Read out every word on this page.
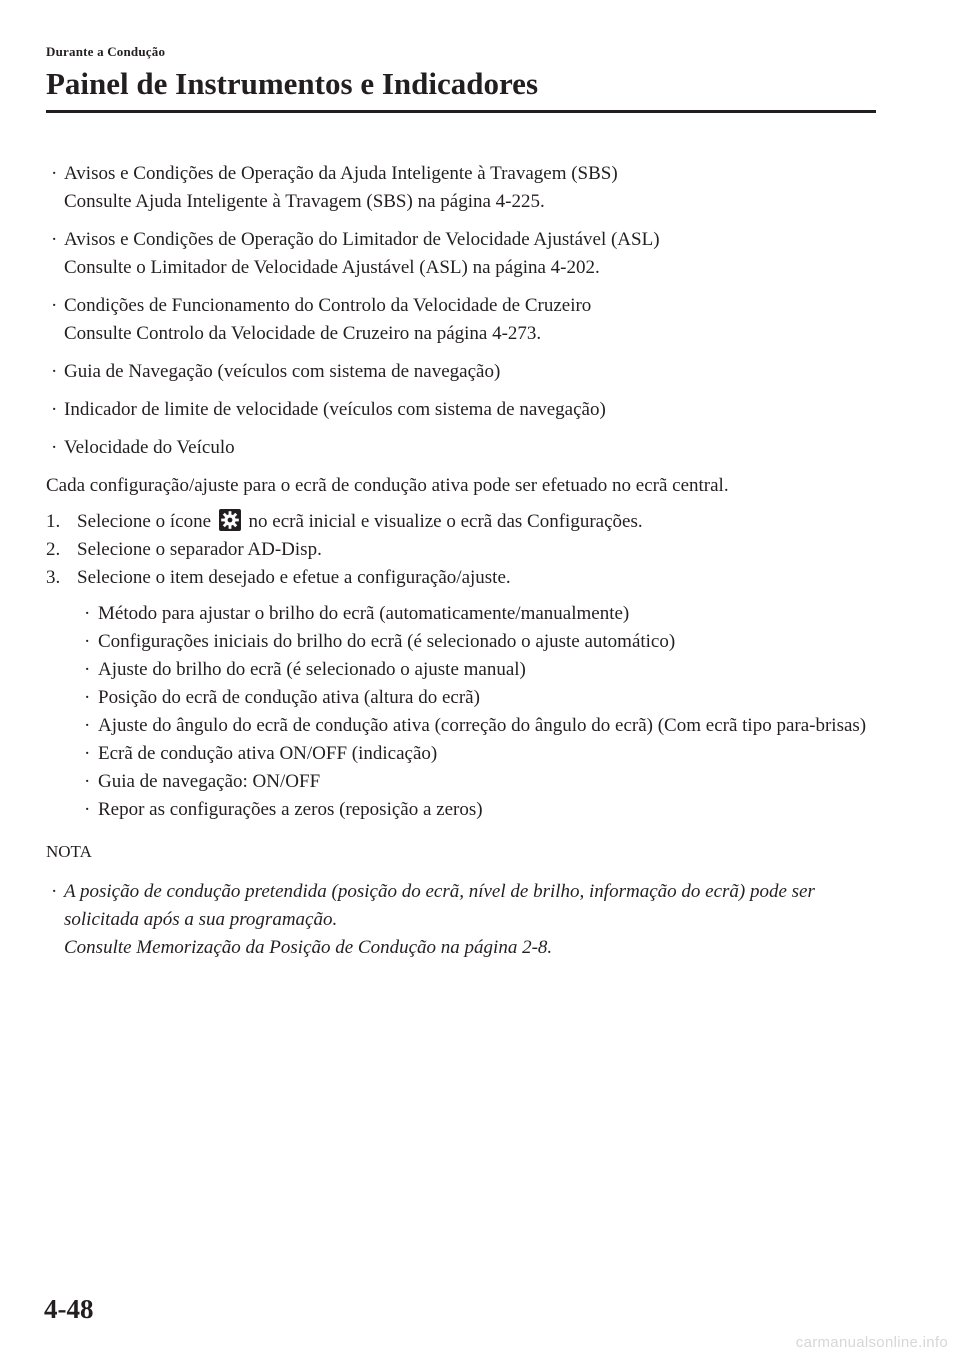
Durante a Condução
Painel de Instrumentos e Indicadores
· Avisos e Condições de Operação da Ajuda Inteligente à Travagem (SBS)

Consulte Ajuda Inteligente à Travagem (SBS) na página 4-225.

· Avisos e Condições de Operação do Limitador de Velocidade Ajustável (ASL)

Consulte o Limitador de Velocidade Ajustável (ASL) na página 4-202.

· Condições de Funcionamento do Controlo da Velocidade de Cruzeiro

Consulte Controlo da Velocidade de Cruzeiro na página 4-273.

· Guia de Navegação (veículos com sistema de navegação)

· Indicador de limite de velocidade (veículos com sistema de navegação)

· Velocidade do Veículo

Cada configuração/ajuste para o ecrã de condução ativa pode ser efetuado no ecrã central.

1. Selecione o ícone no ecrã inicial e visualize o ecrã das Configurações.
2. Selecione o separador AD-Disp.
3. Selecione o item desejado e efetue a configuração/ajuste.
· Método para ajustar o brilho do ecrã (automaticamente/manualmente)
· Configurações iniciais do brilho do ecrã (é selecionado o ajuste automático)
· Ajuste do brilho do ecrã (é selecionado o ajuste manual)
· Posição do ecrã de condução ativa (altura do ecrã)
· Ajuste do ângulo do ecrã de condução ativa (correção do ângulo do ecrã) (Com ecrã tipo para-brisas)
· Ecrã de condução ativa ON/OFF (indicação)
· Guia de navegação: ON/OFF
· Repor as configurações a zeros (reposição a zeros)
NOTA
· A posição de condução pretendida (posição do ecrã, nível de brilho, informação do ecrã) pode ser solicitada após a sua programação.

Consulte Memorização da Posição de Condução na página 2-8.

4-48
carmanualsonline.info
